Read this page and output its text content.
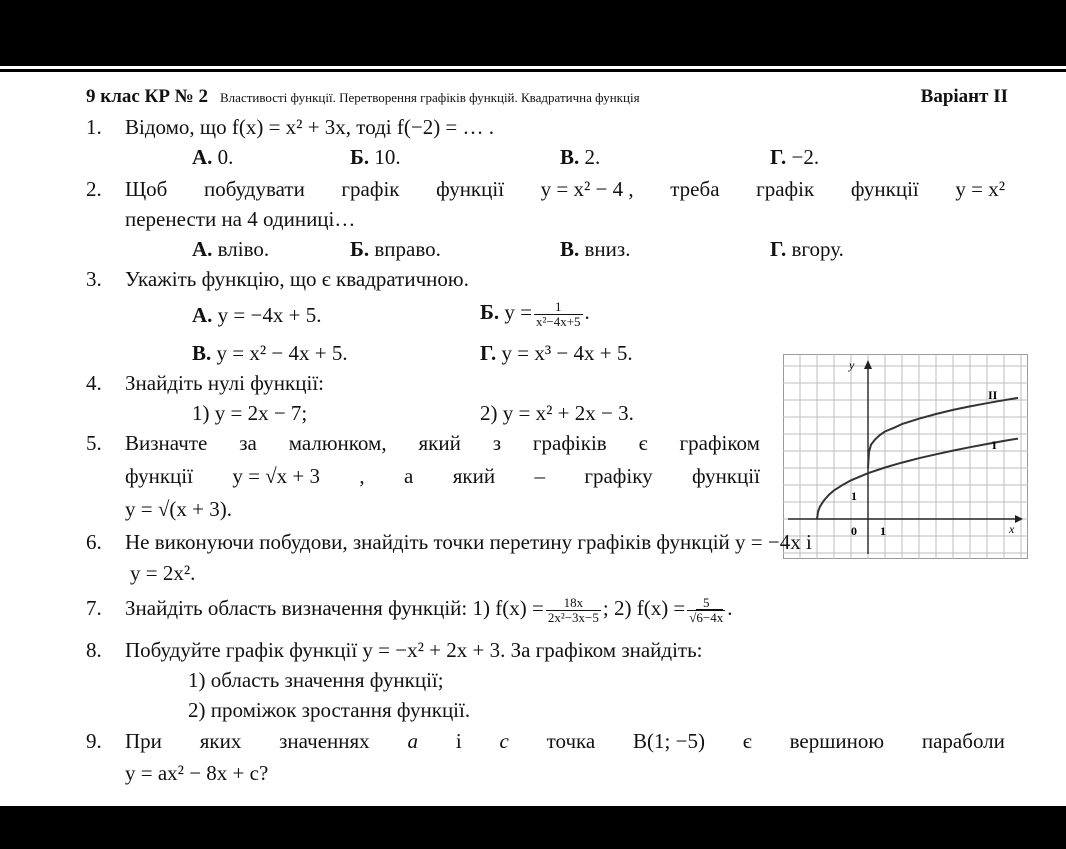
9 клас КР № 2 Властивості функції. Перетворення графіків функцій. Квадратична функція	Варіант II
1.	Відомо, що f(x) = x² + 3x, тоді f(−2) = … .
А. 0.	Б. 10.	В. 2.	Г. −2.
2.	Щоб побудувати графік функції y = x² − 4 , треба графік функції y = x²
перенести на 4 одиниці…
А. вліво.	Б. вправо.	В. вниз.	Г. вгору.
3.	Укажіть функцію, що є квадратичною.
А. y = −4x + 5.	Б. $y = \frac{1}{\text{x²−4x+5}}$ .
В. y = x² − 4x + 5.	Г. y = x³ − 4x + 5.
4.	Знайдіть нулі функції:
1) y = 2x − 7;	2) y = x² + 2x − 3.
5.	Визначте за малюнком, який з графіків є графіком
функції y = √x + 3 , а який – графіку функції
y = √(x + 3).
y
x
0 1
1
I
II
6.	Не виконуючи побудови, знайдіть точки перетину графіків функцій y = −4x і
y = 2x².
7.	Знайдіть область визначення функцій: 1) $f(x) = \frac{18x}{\text{2x²−3x−5}}$ ; 2) $f(x) = \frac{5}{√6-4x}$ .
8.	Побудуйте графік функції y = −x² + 2x + 3. За графіком знайдіть:
1) область значення функції;
2) проміжок зростання функції.
9.	При яких значеннях a і c точка B(1; −5) є вершиною параболи
y = ax² − 8x + c?
